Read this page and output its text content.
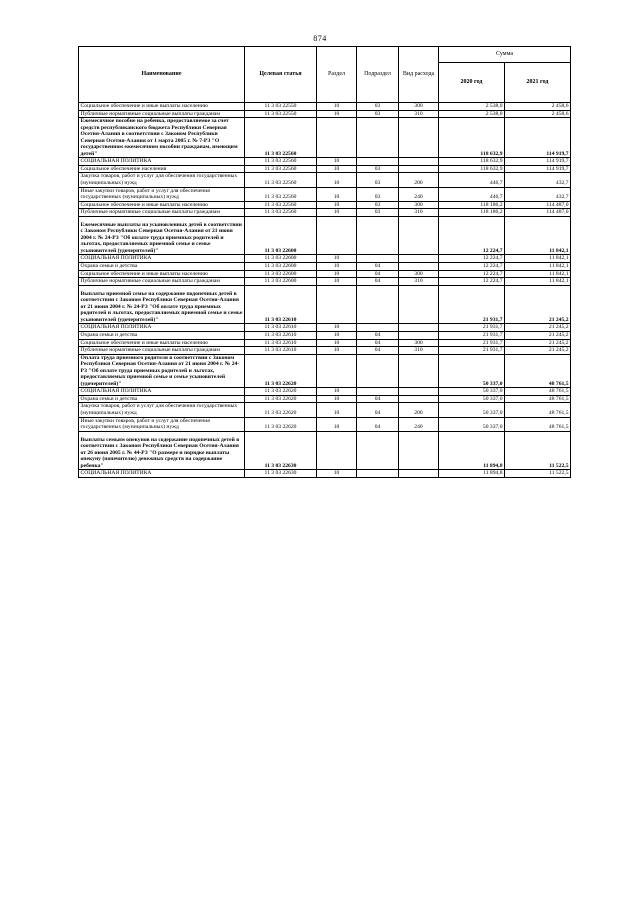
874
Наименование	Целевая статья	Раздел	Подраздел	Вид расхода	Сумма	
					2020 год	2021 год
Социальное обеспечение и иные выплаты населению	11 3 03 22550	10	03	300	2 538,0	2 458,6
Публичные нормативные социальные выплаты гражданам	11 3 03 22550	10	03	310	2 538,0	2 458,6
Ежемесячное пособие на ребенка, предоставляемое за счет средств республиканского бюджета Республики Северная Осетия-Алания в соответствии с Законом Республики Северная Осетия-Алания от 1 марта 2005 г. № 7-РЗ "О государственном ежемесячном пособии гражданам, имеющим детей"	11 3 03 22560				118 632,9	114 919,7
СОЦИАЛЬНАЯ ПОЛИТИКА	11 3 03 22560	10			118 632,9	114 919,7
Социальное обеспечение населения	11 3 03 22560	10	03		118 632,9	114 919,7
Закупка товаров, работ и услуг для обеспечения государственных (муниципальных) нужд	11 3 03 22560	10	03	200	446,7	432,7
Иные закупки товаров, работ и услуг для обеспечения государственных (муниципальных) нужд	11 3 03 22560	10	03	240	446,7	432,7
Социальное обеспечение и иные выплаты населению	11 3 03 22560	10	03	300	118 186,2	114 487,0
Публичные нормативные социальные выплаты гражданам	11 3 03 22560	10	03	310	118 186,2	114 487,0
Ежемесячные выплаты на усыновленных детей в соответствии с Законом Республики Северная Осетия-Алания от 21 июня 2004 г. № 24-РЗ "Об оплате труда приемных родителей и льготах, предоставляемых приемной семье и семье усыновителей (удочерителей)"	11 3 03 22600				12 224,7	11 842,1
СОЦИАЛЬНАЯ ПОЛИТИКА	11 3 03 22600	10			12 224,7	11 842,1
Охрана семьи и детства	11 3 03 22600	10	04		12 224,7	11 842,1
Социальное обеспечение и иные выплаты населению	11 3 03 22600	10	04	300	12 224,7	11 842,1
Публичные нормативные социальные выплаты гражданам	11 3 03 22600	10	04	310	12 224,7	11 842,1
Выплаты приемной семье на содержание подопечных детей в соответствии с Законом Республики Северная Осетия-Алания от 21 июня 2004 г. № 24-РЗ "Об оплате труда приемных родителей и льготах, предоставляемых приемной семье и семье усыновителей (удочерителей)"	11 3 03 22610				21 931,7	21 245,2
СОЦИАЛЬНАЯ ПОЛИТИКА	11 3 03 22610	10			21 931,7	21 245,2
Охрана семьи и детства	11 3 03 22610	10	04		21 931,7	21 245,2
Социальное обеспечение и иные выплаты населению	11 3 03 22610	10	04	300	21 931,7	21 245,2
Публичные нормативные социальные выплаты гражданам	11 3 03 22610	10	04	310	21 931,7	21 245,2
Оплата труда приемного родителя в соответствии с Законом Республики Северная Осетия-Алания от 21 июня 2004 г. № 24-РЗ "Об оплате труда приемных родителей и льготах, предоставляемых приемной семье и семье усыновителей (удочерителей)"	11 3 03 22620				50 337,0	48 761,5
СОЦИАЛЬНАЯ ПОЛИТИКА	11 3 03 22620	10			50 337,0	48 761,5
Охрана семьи и детства	11 3 03 22620	10	04		50 337,0	48 761,5
Закупка товаров, работ и услуг для обеспечения государственных (муниципальных) нужд	11 3 03 22620	10	04	200	50 337,0	48 761,5
Иные закупки товаров, работ и услуг для обеспечения государственных (муниципальных) нужд	11 3 03 22620	10	04	240	50 337,0	48 761,5
Выплаты семьям опекунов на содержание подопечных детей в соответствии с Законом Республики Северная Осетия-Алания от 26 июня 2005 г. № 44-РЗ "О размере и порядке выплаты опекуну (попечителю) денежных средств на содержание ребенка"	11 3 03 22630				11 894,8	11 522,5
СОЦИАЛЬНАЯ ПОЛИТИКА	11 3 03 22630	10			11 894,8	11 522,5
